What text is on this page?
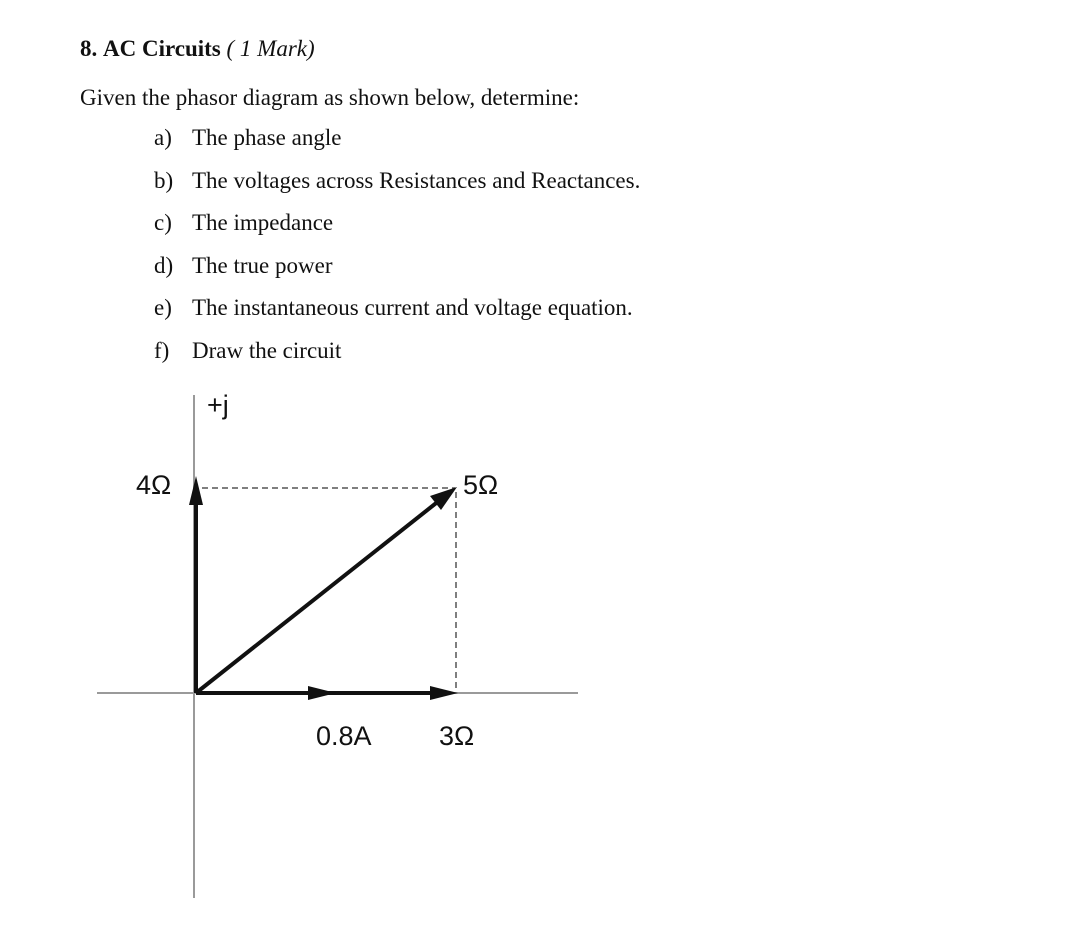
8. AC Circuits ( 1 Mark)
Given the phasor diagram as shown below, determine:
a) The phase angle
b) The voltages across Resistances and Reactances.
c) The impedance
d) The true power
e) The instantaneous current and voltage equation.
f) Draw the circuit
+j
4Ω	5Ω
0.8A 3Ω
